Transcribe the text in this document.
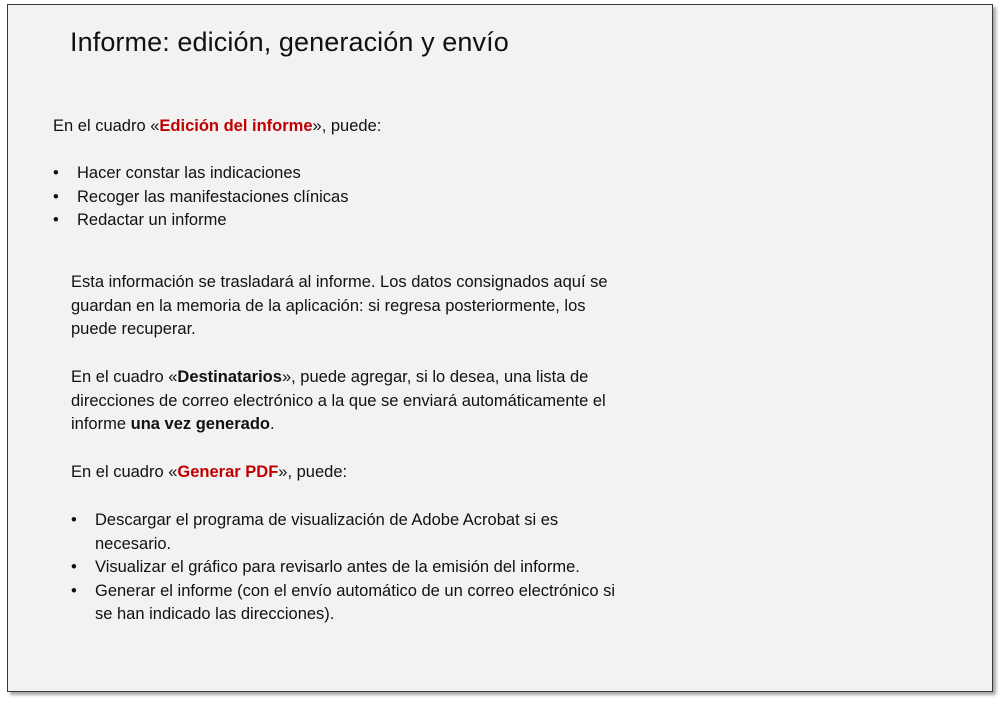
Informe: edición, generación y envío

En el cuadro «Edición del informe», puede:

• Hacer constar las indicaciones
• Recoger las manifestaciones clínicas
• Redactar un informe

Esta información se trasladará al informe. Los datos consignados aquí se
guardan en la memoria de la aplicación: si regresa posteriormente, los
puede recuperar.

En el cuadro «Destinatarios», puede agregar, si lo desea, una lista de
direcciones de correo electrónico a la que se enviará automáticamente el
informe una vez generado.

En el cuadro «Generar PDF», puede:

• Descargar el programa de visualización de Adobe Acrobat si es
necesario.
• Visualizar el gráfico para revisarlo antes de la emisión del informe.
• Generar el informe (con el envío automático de un correo electrónico si
se han indicado las direcciones).
